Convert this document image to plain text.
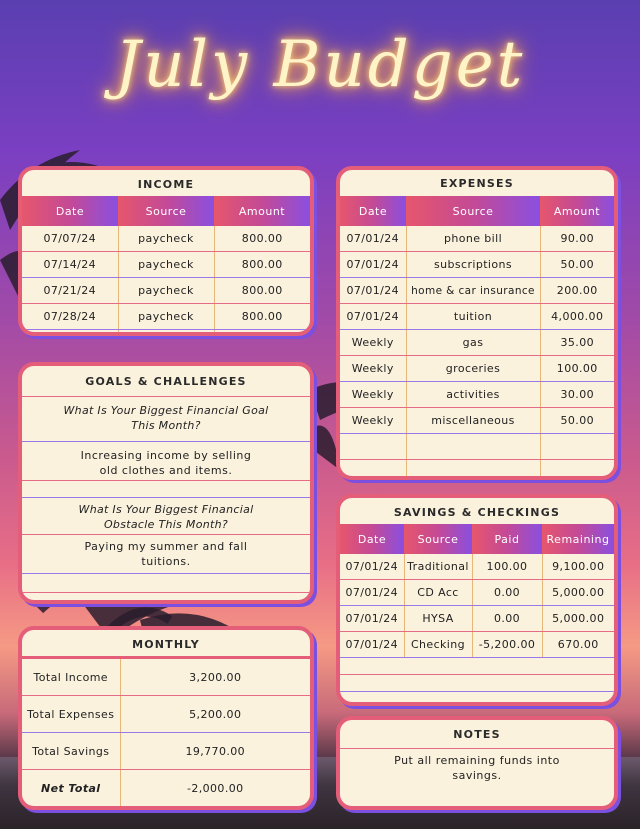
July Budget
INCOME
Date	Source	Amount
07/07/24	paycheck	800.00
07/14/24	paycheck	800.00
07/21/24	paycheck	800.00
07/28/24	paycheck	800.00

EXPENSES
Date	Source	Amount
07/01/24	phone bill	90.00
07/01/24	subscriptions	50.00
07/01/24	home & car insurance	200.00
07/01/24	tuition	4,000.00
Weekly	gas	35.00
Weekly	groceries	100.00
Weekly	activities	30.00
Weekly	miscellaneous	50.00

GOALS & CHALLENGES
What Is Your Biggest Financial Goal This Month?
Increasing income by selling old clothes and items.
What Is Your Biggest Financial Obstacle This Month?
Paying my summer and fall tuitions.
SAVINGS & CHECKINGS
Date	Source	Paid	Remaining
07/01/24	Traditional	100.00	9,100.00
07/01/24	CD Acc	0.00	5,000.00
07/01/24	HYSA	0.00	5,000.00
07/01/24	Checking	-5,200.00	670.00
MONTHLY
Total Income	3,200.00
Total Expenses	5,200.00
Total Savings	19,770.00
Net Total	-2,000.00
NOTES
Put all remaining funds into savings.
